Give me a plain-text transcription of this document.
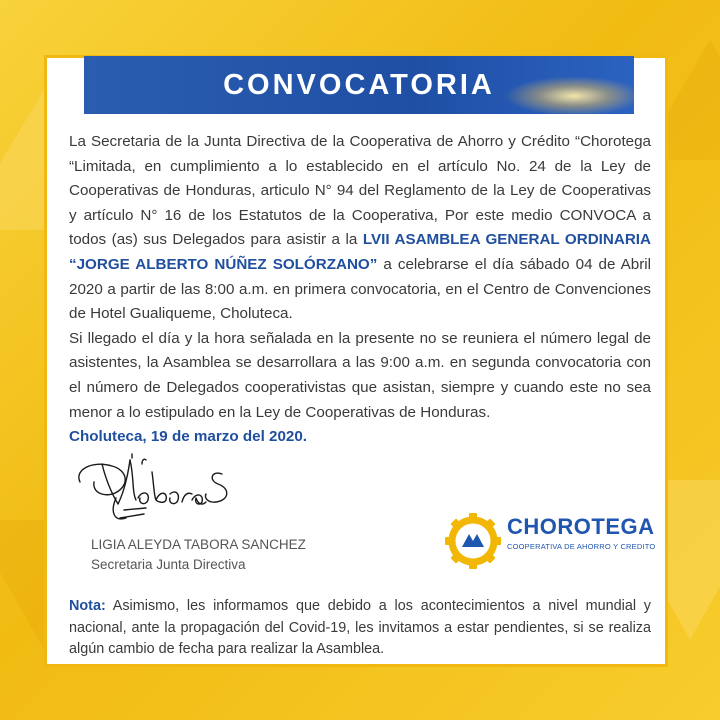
CONVOCATORIA

La Secretaria de la Junta Directiva de la Cooperativa de Ahorro y Crédito “Chorotega “Limitada, en cumplimiento a lo establecido en el artículo No. 24 de la Ley de Cooperativas de Honduras, articulo N° 94 del Reglamento de la Ley de Cooperativas y artículo N° 16 de los Estatutos de la Cooperativa, Por este medio CONVOCA a todos (as) sus Delegados para asistir a la LVII ASAMBLEA GENERAL ORDINARIA “JORGE ALBERTO NÚÑEZ SOLÓRZANO” a celebrarse el día sábado 04 de Abril 2020 a partir de las 8:00 a.m. en primera convocatoria, en el Centro de Convenciones de Hotel Gualiqueme, Choluteca.

Si llegado el día y la hora señalada en la presente no se reuniera el número legal de asistentes, la Asamblea se desarrollara a las 9:00 a.m. en segunda convocatoria con el número de Delegados cooperativistas que asistan, siempre y cuando este no sea menor a lo estipulado en la Ley de Cooperativas de Honduras.

Choluteca, 19 de marzo del 2020.
LIGIA ALEYDA TABORA SANCHEZ
Secretaria Junta Directiva
CHOROTEGA
COOPERATIVA DE AHORRO Y CREDITO
Nota: Asimismo, les informamos que debido a los acontecimientos a nivel mundial y nacional, ante la propagación del Covid-19, les invitamos a estar pendientes, si se realiza algún cambio de fecha para realizar la Asamblea.
